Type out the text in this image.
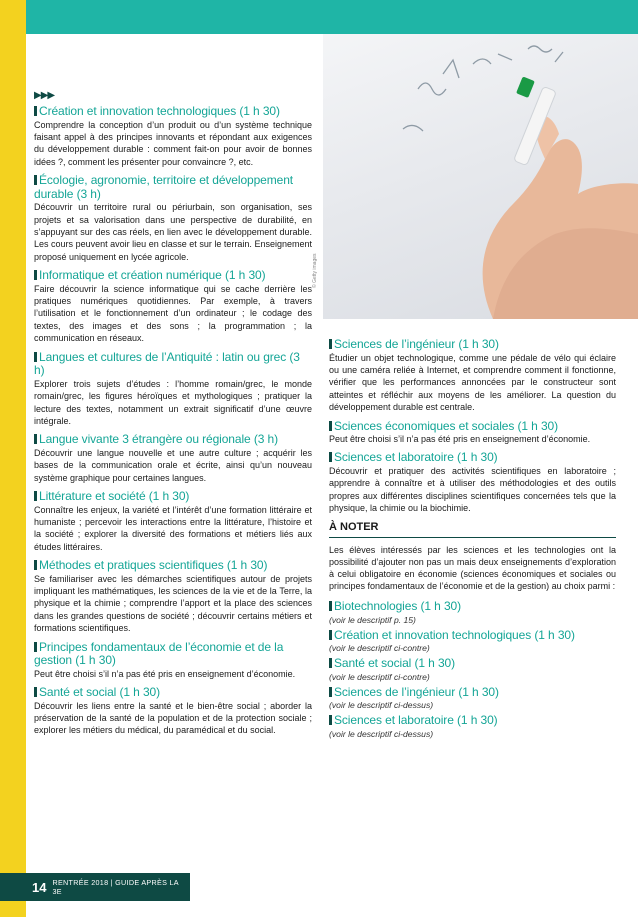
© Getty images
▶▶▶
Création et innovation technologiques (1 h 30)
Comprendre la conception d’un produit ou d’un système technique faisant appel à des principes innovants et répondant aux exigences du développement durable : comment fait-on pour avoir de bonnes idées ?, comment les présenter pour convaincre ?, etc.
Écologie, agronomie, territoire et développement durable (3 h)
Découvrir un territoire rural ou périurbain, son organisation, ses projets et sa valorisation dans une perspective de durabilité, en s’appuyant sur des cas réels, en lien avec le développement durable. Les cours peuvent avoir lieu en classe et sur le terrain. Enseignement proposé uniquement en lycée agricole.
Informatique et création numérique (1 h 30)
Faire découvrir la science informatique qui se cache derrière les pratiques numériques quotidiennes. Par exemple, à travers l’utilisation et le fonctionnement d’un ordinateur ; le codage des textes, des images et des sons ; la programmation ; la communication en réseaux.
Langues et cultures de l’Antiquité : latin ou grec (3 h)
Explorer trois sujets d’études : l’homme romain/grec, le monde romain/grec, les figures héroïques et mythologiques ; pratiquer la lecture des textes, notamment un extrait significatif d’une œuvre intégrale.
Langue vivante 3 étrangère ou régionale (3 h)
Découvrir une langue nouvelle et une autre culture ; acquérir les bases de la communication orale et écrite, ainsi qu’un nouveau système graphique pour certaines langues.
Littérature et société (1 h 30)
Connaître les enjeux, la variété et l’intérêt d’une formation littéraire et humaniste ; percevoir les interactions entre la littérature, l’histoire et la société ; explorer la diversité des formations et métiers liés aux études littéraires.
Méthodes et pratiques scientifiques (1 h 30)
Se familiariser avec les démarches scientifiques autour de projets impliquant les mathématiques, les sciences de la vie et de la Terre, la physique et la chimie ; comprendre l’apport et la place des sciences dans les grandes questions de société ; découvrir certains métiers et formations scientifiques.
Principes fondamentaux de l’économie et de la gestion (1 h 30)
Peut être choisi s’il n’a pas été pris en enseignement d’économie.
Santé et social (1 h 30)
Découvrir les liens entre la santé et le bien-être social ; aborder la préservation de la santé de la population et de la protection sociale ; explorer les métiers du médical, du paramédical et du social.
Sciences de l’ingénieur (1 h 30)
Étudier un objet technologique, comme une pédale de vélo qui éclaire ou une caméra reliée à Internet, et comprendre comment il fonctionne, vérifier que les performances annoncées par le constructeur sont atteintes et réfléchir aux moyens de les améliorer. La question du développement durable est centrale.
Sciences économiques et sociales (1 h 30)
Peut être choisi s’il n’a pas été pris en enseignement d’économie.
Sciences et laboratoire (1 h 30)
Découvrir et pratiquer des activités scientifiques en laboratoire ; apprendre à connaître et à utiliser des méthodologies et des outils propres aux différentes disciplines scientifiques concernées tels que la physique, la chimie ou la biochimie.
À NOTER
Les élèves intéressés par les sciences et les technologies ont la possibilité d’ajouter non pas un mais deux enseignements d’exploration à celui obligatoire en économie (sciences économiques et sociales ou principes fondamentaux de l’économie et de la gestion) au choix parmi :
Biotechnologies (1 h 30)
(voir le descriptif p. 15)
Création et innovation technologiques (1 h 30)
(voir le descriptif ci-contre)
Santé et social (1 h 30)
(voir le descriptif ci-contre)
Sciences de l’ingénieur (1 h 30)
(voir le descriptif ci-dessus)
Sciences et laboratoire (1 h 30)
(voir le descriptif ci-dessus)
14 RENTRÉE 2018 | GUIDE APRÈS LA 3E
